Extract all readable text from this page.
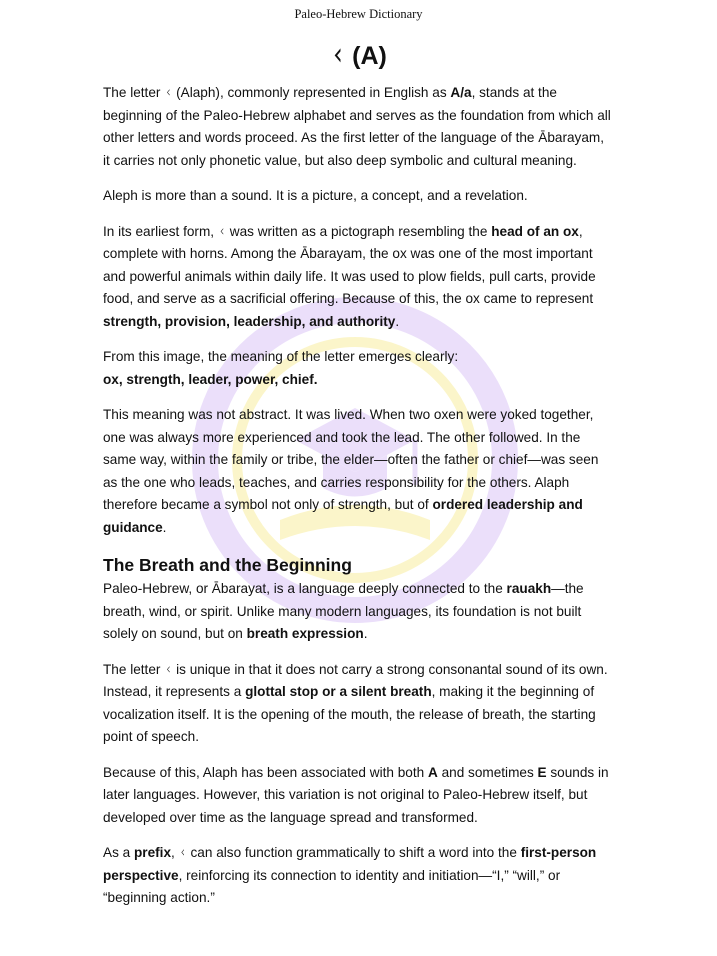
Paleo-Hebrew Dictionary
ᚲ (A)

The letter ᚲ (Alaph), commonly represented in English as A/a, stands at the beginning of the Paleo-Hebrew alphabet and serves as the foundation from which all other letters and words proceed. As the first letter of the language of the Ābarayam, it carries not only phonetic value, but also deep symbolic and cultural meaning.

Aleph is more than a sound. It is a picture, a concept, and a revelation.

In its earliest form, ᚲ was written as a pictograph resembling the head of an ox, complete with horns. Among the Ābarayam, the ox was one of the most important and powerful animals within daily life. It was used to plow fields, pull carts, provide food, and serve as a sacrificial offering. Because of this, the ox came to represent strength, provision, leadership, and authority.

From this image, the meaning of the letter emerges clearly:
ox, strength, leader, power, chief.

This meaning was not abstract. It was lived. When two oxen were yoked together, one was always more experienced and took the lead. The other followed. In the same way, within the family or tribe, the elder—often the father or chief—was seen as the one who leads, teaches, and carries responsibility for the others. Alaph therefore became a symbol not only of strength, but of ordered leadership and guidance.

The Breath and the Beginning

Paleo-Hebrew, or Ābarayat, is a language deeply connected to the rauakh—the breath, wind, or spirit. Unlike many modern languages, its foundation is not built solely on sound, but on breath expression.

The letter ᚲ is unique in that it does not carry a strong consonantal sound of its own. Instead, it represents a glottal stop or a silent breath, making it the beginning of vocalization itself. It is the opening of the mouth, the release of breath, the starting point of speech.

Because of this, Alaph has been associated with both A and sometimes E sounds in later languages. However, this variation is not original to Paleo-Hebrew itself, but developed over time as the language spread and transformed.

As a prefix, ᚲ can also function grammatically to shift a word into the first-person perspective, reinforcing its connection to identity and initiation—“I,” “will,” or “beginning action.”
